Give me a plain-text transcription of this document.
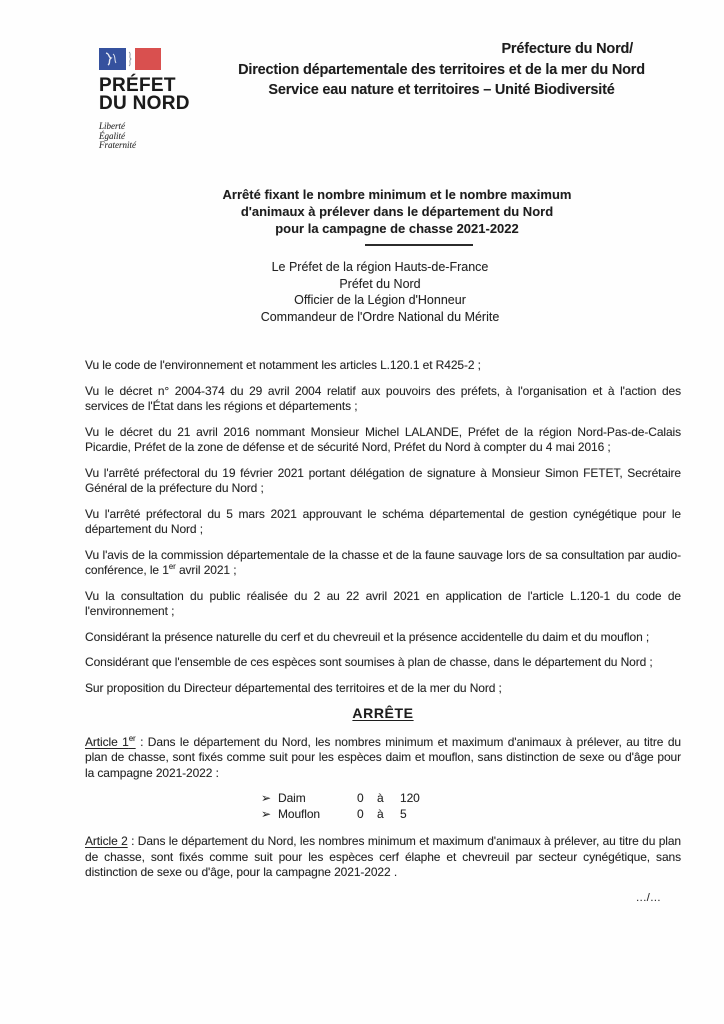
PRÉFET
DU NORD
Liberté
Égalité
Fraternité
Préfecture du Nord/
Direction départementale des territoires et de la mer du Nord
Service eau nature et territoires – Unité Biodiversité
Arrêté fixant le nombre minimum et le nombre maximum
d'animaux à prélever dans le département du Nord
pour la campagne de chasse 2021-2022
Le Préfet de la région Hauts-de-France
Préfet du Nord
Officier de la Légion d'Honneur
Commandeur de l'Ordre National du Mérite

Vu le code de l'environnement et notamment les articles L.120.1 et R425-2 ;

Vu le décret n° 2004-374 du 29 avril 2004 relatif aux pouvoirs des préfets, à l'organisation et à l'action des services de l'État dans les régions et départements ;

Vu le décret du 21 avril 2016 nommant Monsieur Michel LALANDE, Préfet de la région Nord-Pas-de-Calais Picardie, Préfet de la zone de défense et de sécurité Nord, Préfet du Nord à compter du 4 mai 2016 ;

Vu l'arrêté préfectoral du 19 février 2021 portant délégation de signature à Monsieur Simon FETET, Secrétaire Général de la préfecture du Nord ;

Vu l'arrêté préfectoral du 5 mars 2021 approuvant le schéma départemental de gestion cynégétique pour le département du Nord ;

Vu l'avis de la commission départementale de la chasse et de la faune sauvage lors de sa consultation par audio-conférence, le 1er avril 2021 ;

Vu la consultation du public réalisée du 2 au 22 avril 2021 en application de l'article L.120-1 du code de l'environnement ;

Considérant la présence naturelle du cerf et du chevreuil et la présence accidentelle du daim et du mouflon ;

Considérant que l'ensemble de ces espèces sont soumises à plan de chasse, dans le département du Nord ;

Sur proposition du Directeur départemental des territoires et de la mer du Nord ;

ARRÊTE

Article 1er : Dans le département du Nord, les nombres minimum et maximum d'animaux à prélever, au titre du plan de chasse, sont fixés comme suit pour les espèces daim et mouflon, sans distinction de sexe ou d'âge pour la campagne 2021-2022 :

➢ Daim	0	à	120
➢ Mouflon	0	à	5

Article 2 : Dans le département du Nord, les nombres minimum et maximum d'animaux à prélever, au titre du plan de chasse, sont fixés comme suit pour les espèces cerf élaphe et chevreuil par secteur cynégétique, sans distinction de sexe ou d'âge, pour la campagne 2021-2022 .

.../...
